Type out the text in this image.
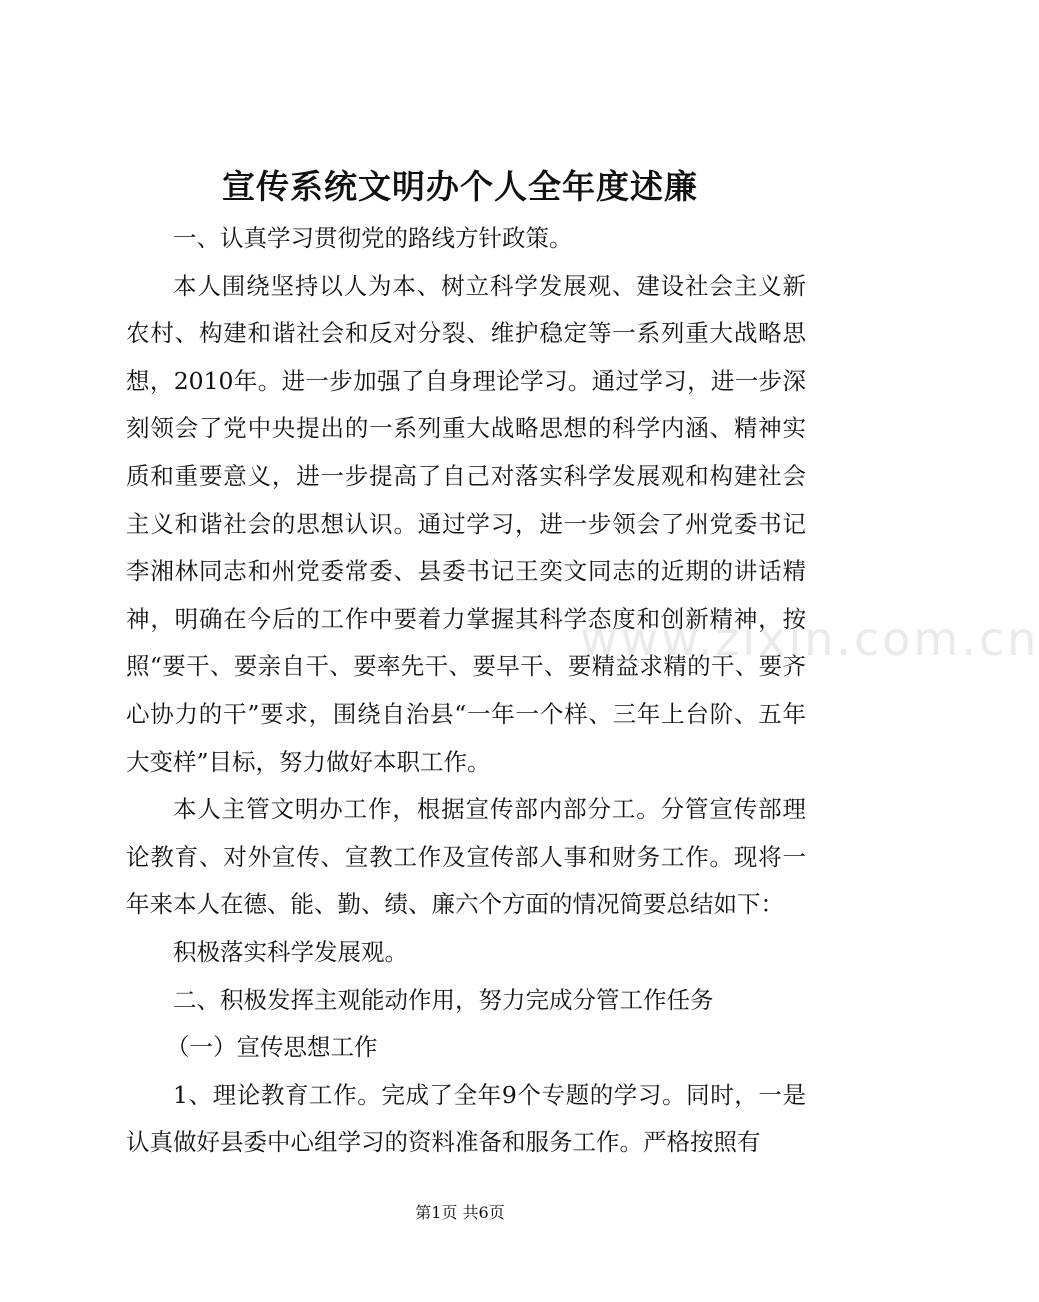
宣传系统文明办个人全年度述廉

一、认真学习贯彻党的路线方针政策。

本人围绕坚持以人为本、树立科学发展观、建设社会主义新农村、构建和谐社会和反对分裂、维护稳定等一系列重大战略思想，2010年。进一步加强了自身理论学习。通过学习，进一步深刻领会了党中央提出的一系列重大战略思想的科学内涵、精神实质和重要意义，进一步提高了自己对落实科学发展观和构建社会主义和谐社会的思想认识。通过学习，进一步领会了州党委书记李湘林同志和州党委常委、县委书记王奕文同志的近期的讲话精神，明确在今后的工作中要着力掌握其科学态度和创新精神，按照“要干、要亲自干、要率先干、要早干、要精益求精的干、要齐心协力的干”要求，围绕自治县“一年一个样、三年上台阶、五年大变样”目标，努力做好本职工作。

本人主管文明办工作，根据宣传部内部分工。分管宣传部理论教育、对外宣传、宣教工作及宣传部人事和财务工作。现将一年来本人在德、能、勤、绩、廉六个方面的情况简要总结如下：

积极落实科学发展观。

二、积极发挥主观能动作用，努力完成分管工作任务

（一）宣传思想工作

1、理论教育工作。完成了全年9个专题的学习。同时，一是认真做好县委中心组学习的资料准备和服务工作。严格按照有

www.zixin.com.cn
第1页 共6页
